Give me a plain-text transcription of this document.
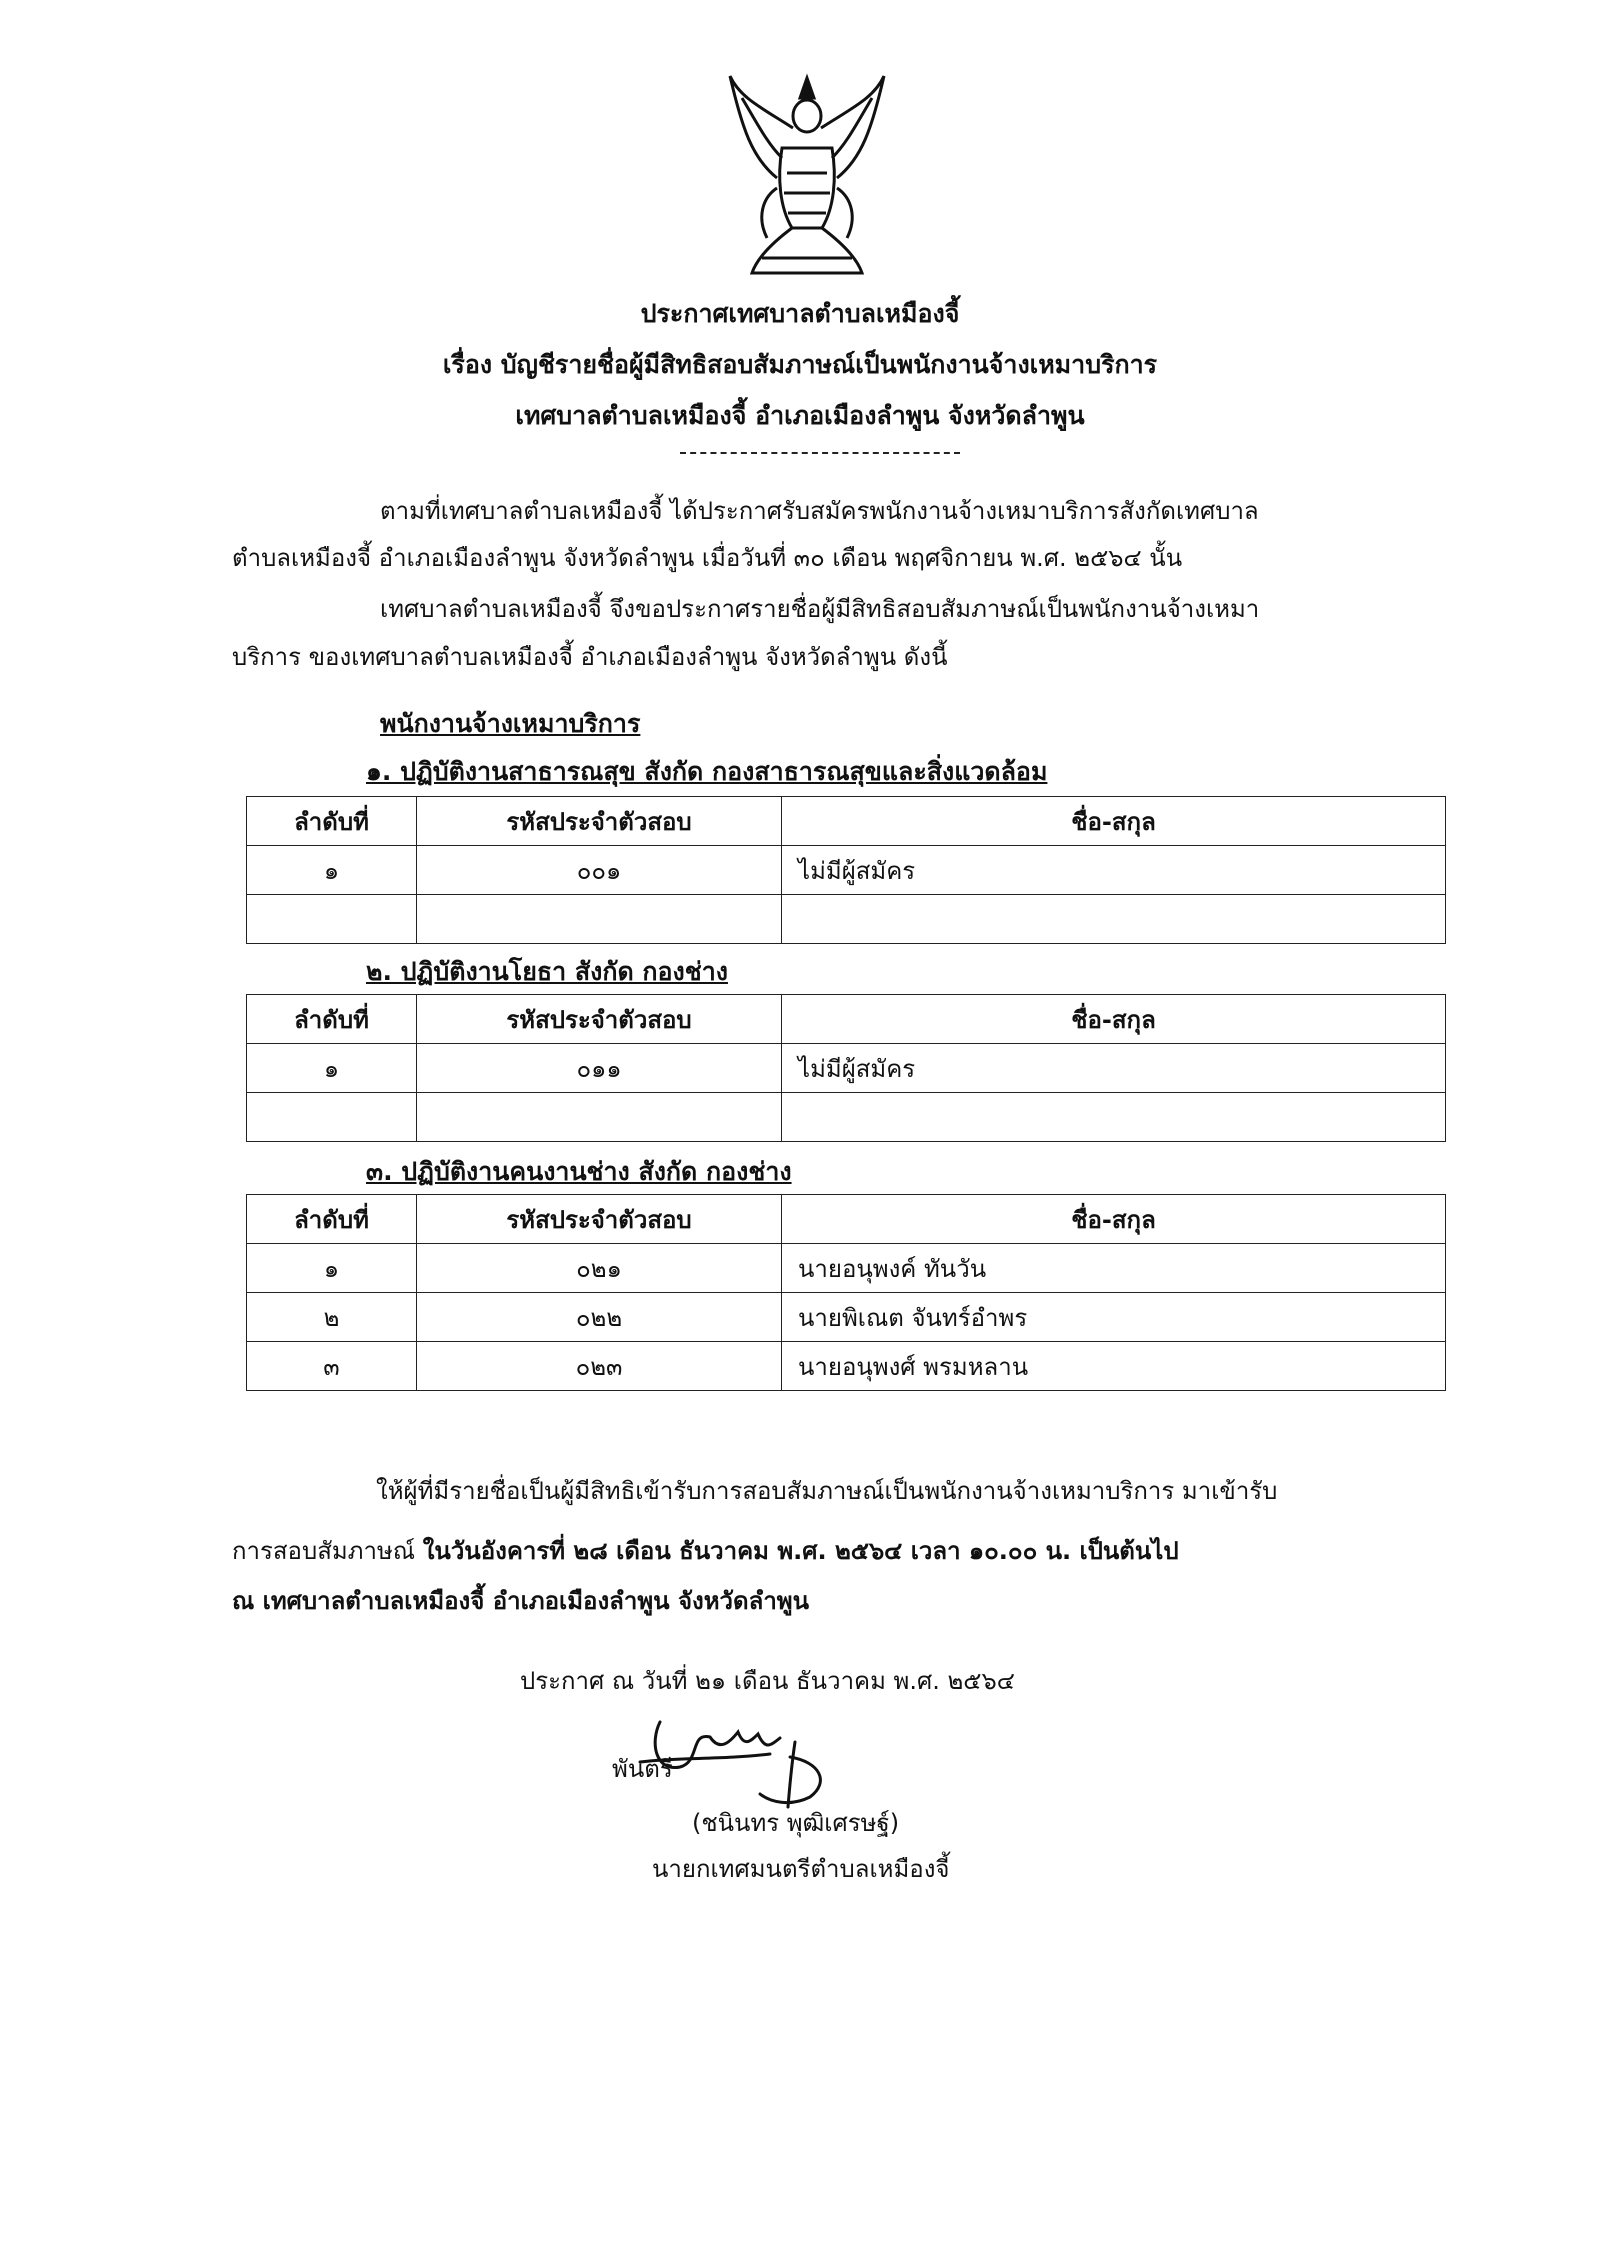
ประกาศเทศบาลตำบลเหมืองจี้
เรื่อง บัญชีรายชื่อผู้มีสิทธิสอบสัมภาษณ์เป็นพนักงานจ้างเหมาบริการ
เทศบาลตำบลเหมืองจี้ อำเภอเมืองลำพูน จังหวัดลำพูน
ตามที่เทศบาลตำบลเหมืองจี้ ได้ประกาศรับสมัครพนักงานจ้างเหมาบริการสังกัดเทศบาล
ตำบลเหมืองจี้ อำเภอเมืองลำพูน จังหวัดลำพูน เมื่อวันที่ ๓๐ เดือน พฤศจิกายน พ.ศ. ๒๕๖๔ นั้น
เทศบาลตำบลเหมืองจี้ จึงขอประกาศรายชื่อผู้มีสิทธิสอบสัมภาษณ์เป็นพนักงานจ้างเหมา
บริการ ของเทศบาลตำบลเหมืองจี้ อำเภอเมืองลำพูน จังหวัดลำพูน ดังนี้
พนักงานจ้างเหมาบริการ
๑. ปฏิบัติงานสาธารณสุข สังกัด กองสาธารณสุขและสิ่งแวดล้อม
ลำดับที่	รหัสประจำตัวสอบ	ชื่อ-สกุล
๑	๐๐๑	ไม่มีผู้สมัคร

๒. ปฏิบัติงานโยธา สังกัด กองช่าง
ลำดับที่	รหัสประจำตัวสอบ	ชื่อ-สกุล
๑	๐๑๑	ไม่มีผู้สมัคร

๓. ปฏิบัติงานคนงานช่าง สังกัด กองช่าง
ลำดับที่	รหัสประจำตัวสอบ	ชื่อ-สกุล
๑	๐๒๑	นายอนุพงค์ ทันวัน
๒	๐๒๒	นายพิเณต จันทร์อำพร
๓	๐๒๓	นายอนุพงศ์ พรมหลาน
ให้ผู้ที่มีรายชื่อเป็นผู้มีสิทธิเข้ารับการสอบสัมภาษณ์เป็นพนักงานจ้างเหมาบริการ มาเข้ารับ
การสอบสัมภาษณ์ ในวันอังคารที่ ๒๘ เดือน ธันวาคม พ.ศ. ๒๕๖๔ เวลา ๑๐.๐๐ น. เป็นต้นไป
ณ เทศบาลตำบลเหมืองจี้ อำเภอเมืองลำพูน จังหวัดลำพูน
ประกาศ ณ วันที่ ๒๑ เดือน ธันวาคม พ.ศ. ๒๕๖๔
พันตรี
(ชนินทร พุฒิเศรษฐ์)
นายกเทศมนตรีตำบลเหมืองจี้
